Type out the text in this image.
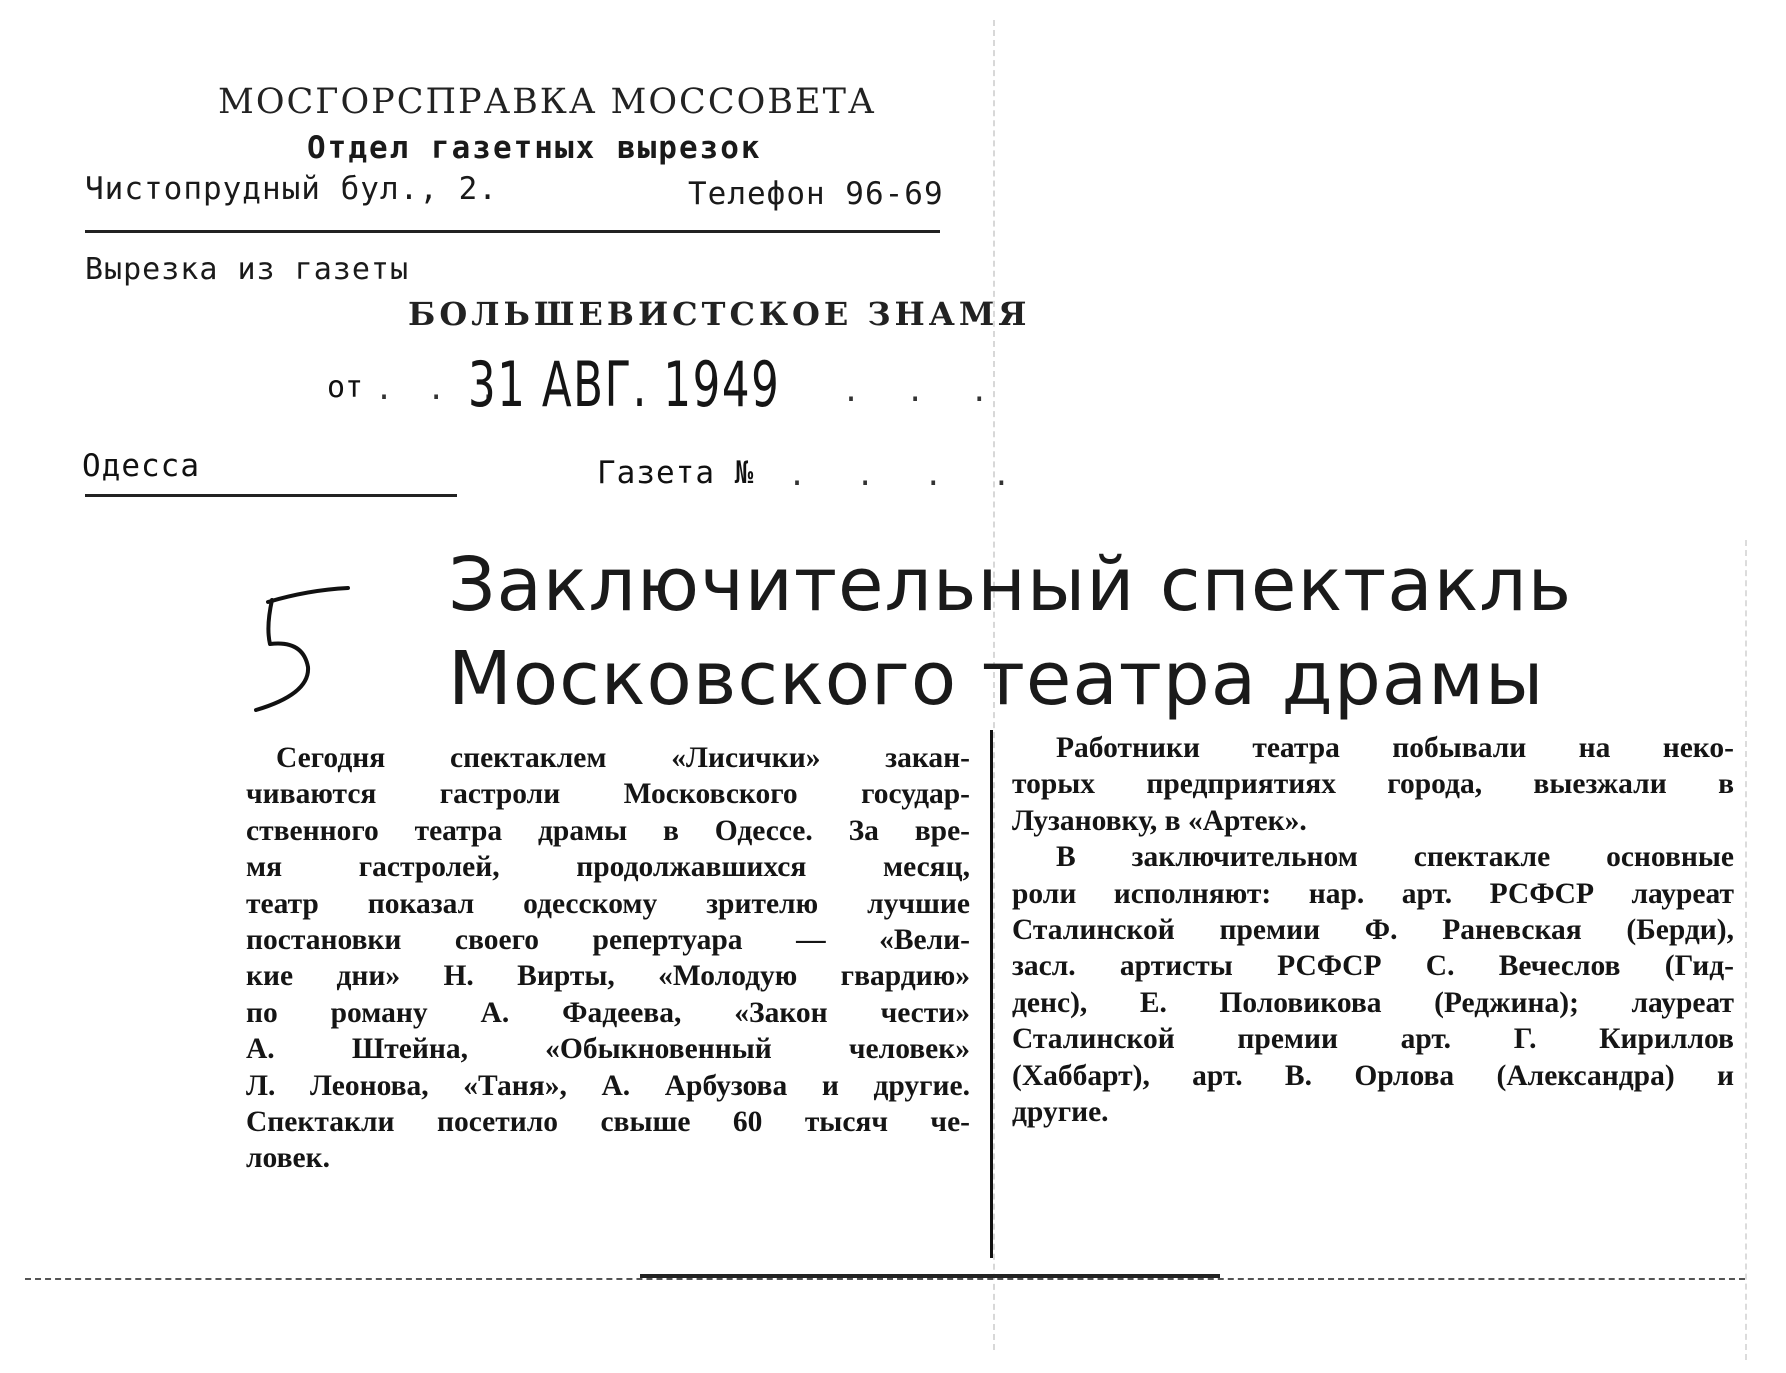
МОСГОРСПРАВКА МОССОВЕТА
Отдел газетных вырезок
Чистопрудный бул., 2.	Телефон 96-69
Вырезка из газеты
БОЛЬШЕВИСТСКОЕ ЗНАМЯ
от . . .
31 АВГ. 1949 . . .
Одесса	Газета № . . . .
Заключительный спектакль
Московского театра драмы
Сегодня спектаклем «Лисички» закан-
чиваются гастроли Московского государ-
ственного театра драмы в Одессе. За вре-
мя гастролей, продолжавшихся месяц,
театр показал одесскому зрителю лучшие
постановки своего репертуара — «Вели-
кие дни» Н. Вирты, «Молодую гвардию»
по роману А. Фадеева, «Закон чести»
А. Штейна, «Обыкновенный человек»
Л. Леонова, «Таня», А. Арбузова и другие.
Спектакли посетило свыше 60 тысяч че-
ловек.
Работники театра побывали на неко-
торых предприятиях города, выезжали в
Лузановку, в «Артек».
В заключительном спектакле основные
роли исполняют: нар. арт. РСФСР лауреат
Сталинской премии Ф. Раневская (Берди),
засл. артисты РСФСР С. Вечеслов (Гид-
денс), Е. Половикова (Реджина); лауреат
Сталинской премии арт. Г. Кириллов
(Хаббарт), арт. В. Орлова (Александра) и
другие.
